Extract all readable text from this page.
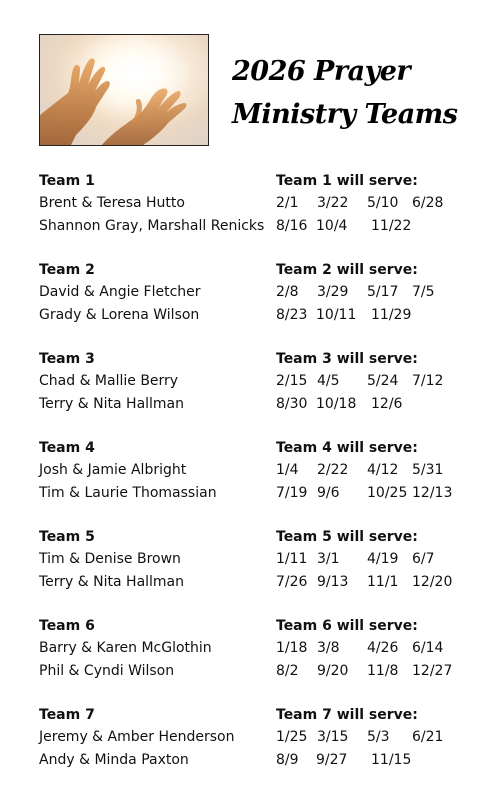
2026 Prayer
Ministry Teams
Team 1	Team 1 will serve:
Brent & Teresa Hutto	2/1 3/22 5/10 6/28
Shannon Gray, Marshall Renicks 8/16 10/4 11/22
Team 2	Team 2 will serve:
David & Angie Fletcher	2/8 3/29 5/17 7/5
Grady & Lorena Wilson	8/23 10/11 11/29
Team 3	Team 3 will serve:
Chad & Mallie Berry	2/15 4/5 5/24 7/12
Terry & Nita Hallman	8/30 10/18 12/6
Team 4	Team 4 will serve:
Josh & Jamie Albright	1/4 2/22 4/12 5/31
Tim & Laurie Thomassian	7/19 9/6 10/25 12/13
Team 5	Team 5 will serve:
Tim & Denise Brown	1/11 3/1 4/19 6/7
Terry & Nita Hallman	7/26 9/13 11/1 12/20
Team 6	Team 6 will serve:
Barry & Karen McGlothin	1/18 3/8 4/26 6/14
Phil & Cyndi Wilson	8/2 9/20 11/8 12/27
Team 7	Team 7 will serve:
Jeremy & Amber Henderson	1/25 3/15 5/3 6/21
Andy & Minda Paxton	8/9 9/27 11/15
